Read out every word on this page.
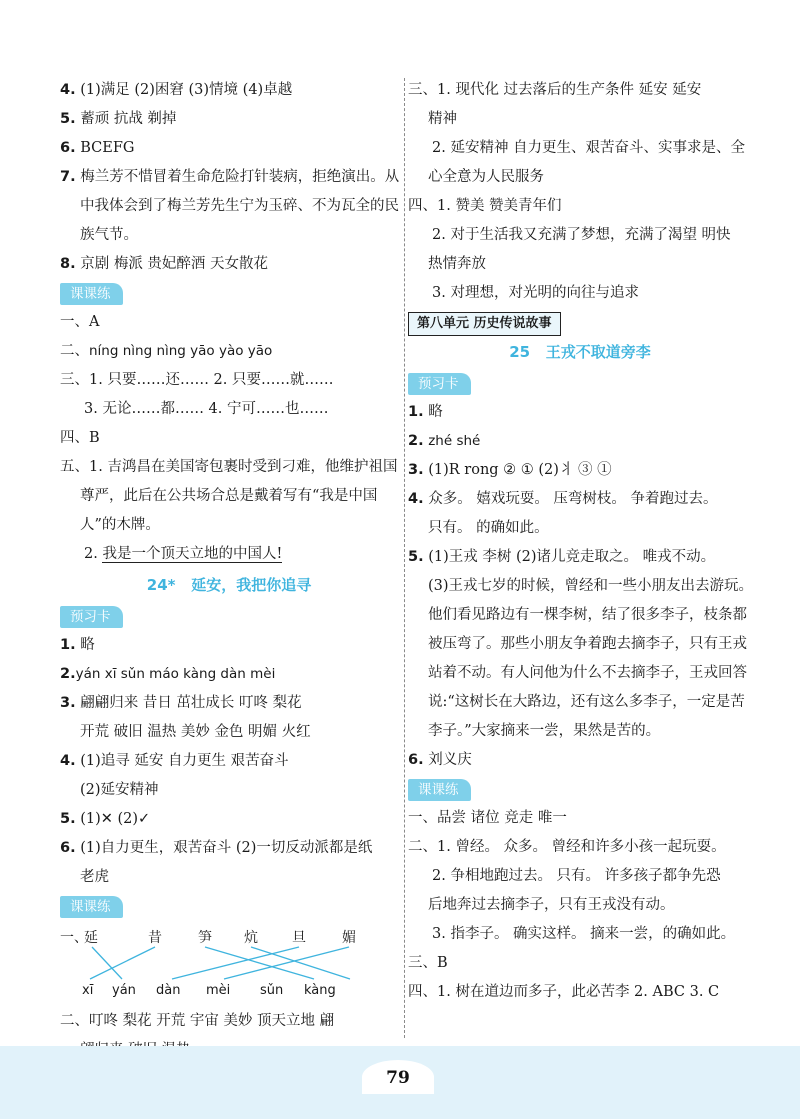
4. (1)满足 (2)困窘 (3)情境 (4)卓越
5. 蓄顽 抗战 剃掉
6. BCEFG
7. 梅兰芳不惜冒着生命危险打针装病，拒绝演出。从
中我体会到了梅兰芳先生宁为玉碎、不为瓦全的民
族气节。
8. 京剧 梅派 贵妃醉酒 天女散花
课课练
一、A
二、níng nìng nìng yāo yào yāo
三、1. 只要……还…… 2. 只要……就……
3. 无论……都…… 4. 宁可……也……
四、B
五、1. 吉鸿昌在美国寄包裹时受到刁难，他维护祖国
尊严，此后在公共场合总是戴着写有“我是中国
人”的木牌。
2. 我是一个顶天立地的中国人!
24* 延安，我把你追寻
预习卡
1. 略
2.yán xī sǔn máo kàng dàn mèi
3. 翩翩归来 昔日 茁壮成长 叮咚 梨花
开荒 破旧 温热 美妙 金色 明媚 火红
4. (1)追寻 延安 自力更生 艰苦奋斗
(2)延安精神
5. (1)✕ (2)✓
6. (1)自力更生，艰苦奋斗 (2)一切反动派都是纸
老虎
课课练
一、
延	昔	笋 炕 旦	媚
xī yán dàn mèi sǔn kàng
二、叮咚 梨花 开荒 宇宙 美妙 顶天立地 翩
三、1. 现代化 过去落后的生产条件 延安 延安
精神
2. 延安精神 自力更生、艰苦奋斗、实事求是、全
心全意为人民服务
四、1. 赞美 赞美青年们
2. 对于生活我又充满了梦想，充满了渴望 明快
热情奔放
3. 对理想，对光明的向往与追求
第八单元 历史传说故事
25 王戎不取道旁李
预习卡
1. 略
2. zhé shé
3. (1)R rong ② ① (2)丬 ③ ①
4. 众多。 嬉戏玩耍。 压弯树枝。 争着跑过去。
只有。 的确如此。
5. (1)王戎 李树 (2)诸儿竞走取之。 唯戎不动。
(3)王戎七岁的时候，曾经和一些小朋友出去游玩。
他们看见路边有一棵李树，结了很多李子，枝条都
被压弯了。那些小朋友争着跑去摘李子，只有王戎
站着不动。有人问他为什么不去摘李子，王戎回答
说:“这树长在大路边，还有这么多李子，一定是苦
李子。”大家摘来一尝，果然是苦的。
6. 刘义庆
课课练
一、品尝 诸位 竞走 唯一
二、1. 曾经。 众多。 曾经和许多小孩一起玩耍。
2. 争相地跑过去。 只有。 许多孩子都争先恐
后地奔过去摘李子，只有王戎没有动。
3. 指李子。 确实这样。 摘来一尝，的确如此。
三、B
四、1. 树在道边而多子，此必苦李 2. ABC 3. C
79
